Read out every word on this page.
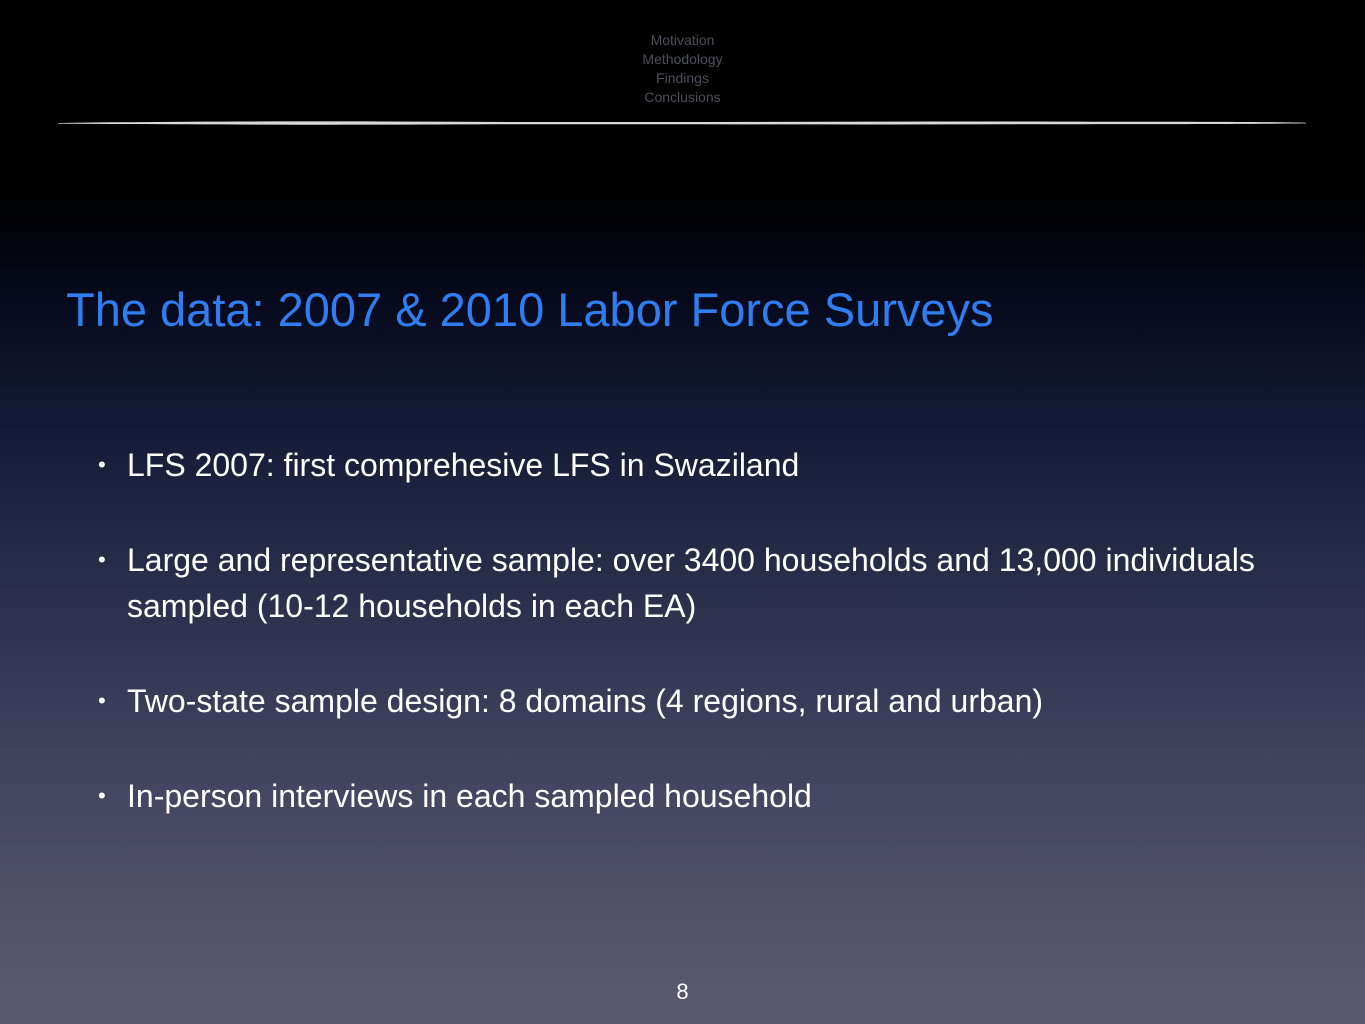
Motivation
Methodology
Findings
Conclusions
The data: 2007 & 2010 Labor Force Surveys
• LFS 2007: first comprehesive LFS in Swaziland
• Large and representative sample: over 3400 households and 13,000 individuals sampled (10-12 households in each EA)
• Two-state sample design: 8 domains (4 regions, rural and urban)
• In-person interviews in each sampled household
8
